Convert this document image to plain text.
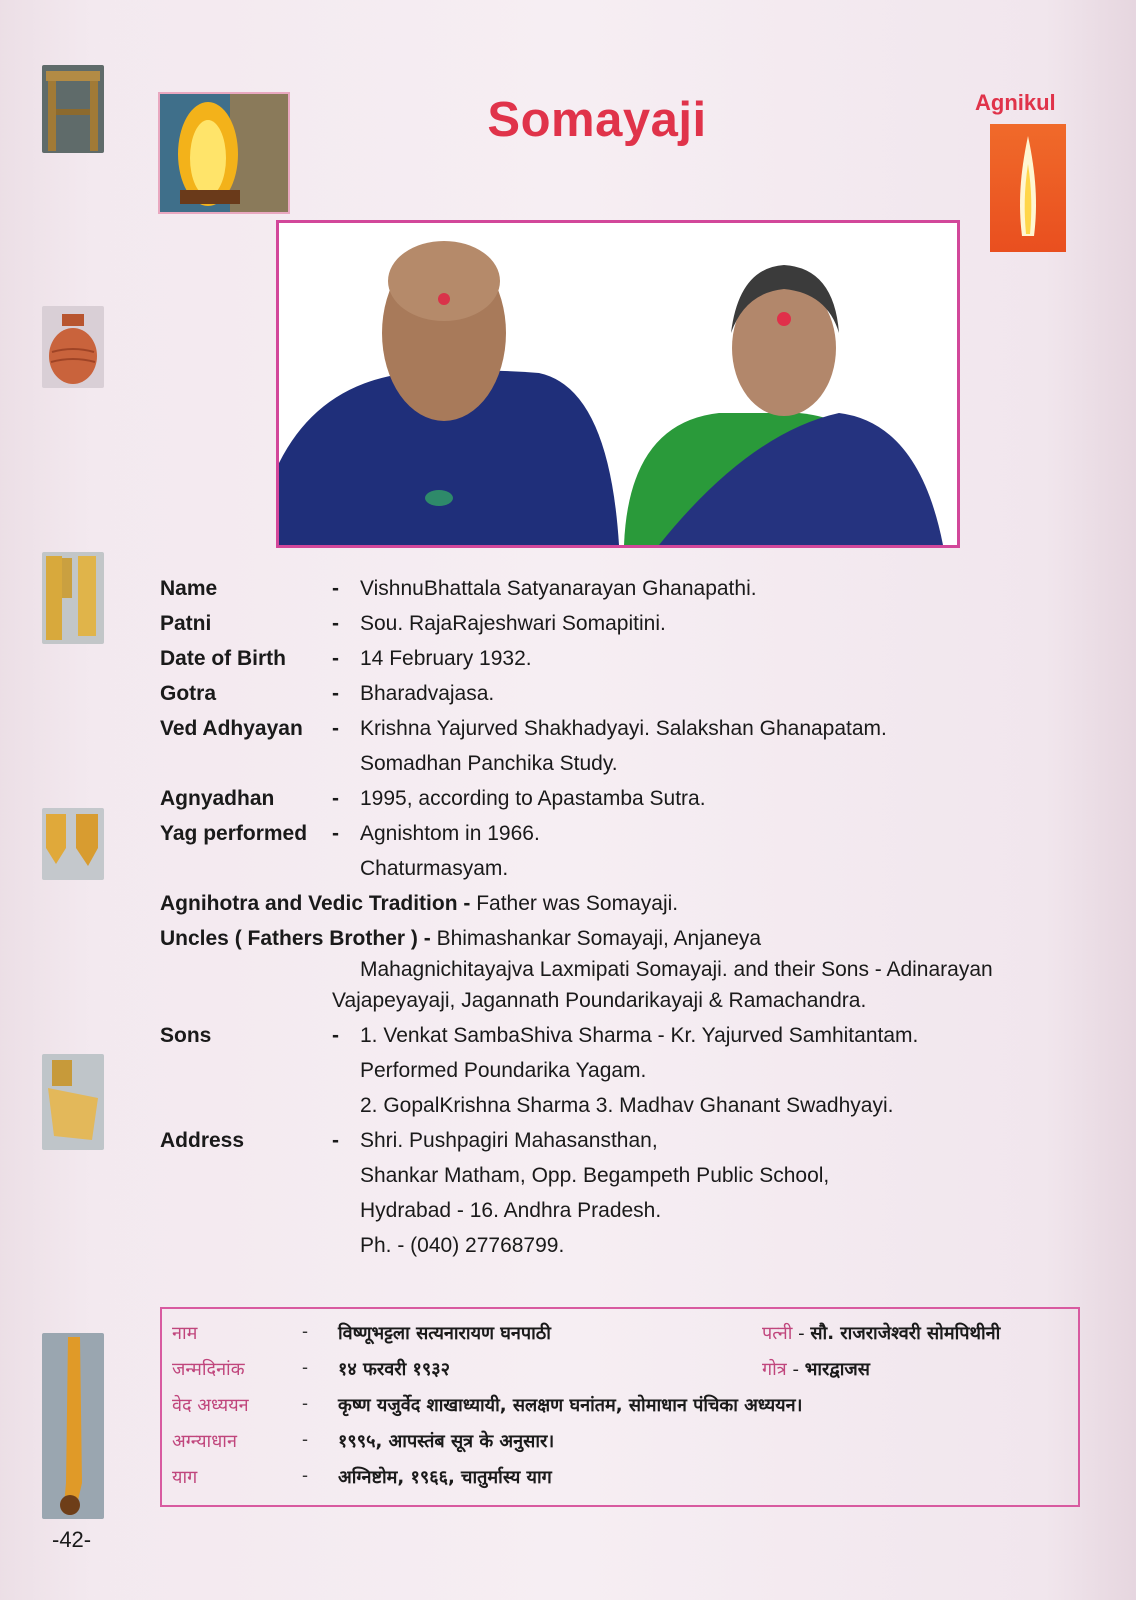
Somayaji	Agnikul
Name	- VishnuBhattala Satyanarayan Ghanapathi.
Patni	- Sou. RajaRajeshwari Somapitini.
Date of Birth - 14 February 1932.
Gotra	- Bharadvajasa.
Ved Adhyayan - Krishna Yajurved Shakhadyayi. Salakshan Ghanapatam.
Somadhan Panchika Study.
Agnyadhan	- 1995, according to Apastamba Sutra.
Yag performed - Agnishtom in 1966.
Chaturmasyam.
Agnihotra and Vedic Tradition - Father was Somayaji.
Uncles ( Fathers Brother ) - Bhimashankar Somayaji, Anjaneya
Mahagnichitayajva Laxmipati Somayaji. and their Sons - Adinarayan
Vajapeyayaji, Jagannath Poundarikayaji & Ramachandra.
Sons	- 1. Venkat SambaShiva Sharma - Kr. Yajurved Samhitantam.
Performed Poundarika Yagam.
2. GopalKrishna Sharma 3. Madhav Ghanant Swadhyayi.
Address	- Shri. Pushpagiri Mahasansthan,
Shankar Matham, Opp. Begampeth Public School,
Hydrabad - 16. Andhra Pradesh.
Ph. - (040) 27768799.
नाम	- विष्णूभट्टला सत्यनारायण घनपाठी	पत्नी - सौ. राजराजेश्वरी सोमपिथीनी
जन्मदिनांक	- १४ फरवरी १९३२	गोत्र - भारद्वाजस
वेद अध्ययन	- कृष्ण यजुर्वेद शाखाध्यायी, सलक्षण घनांतम, सोमाधान पंचिका अध्ययन।
अग्न्याधान	- १९९५, आपस्तंब सूत्र के अनुसार।
याग	- अग्निष्टोम, १९६६, चातुर्मास्य याग
-42-
